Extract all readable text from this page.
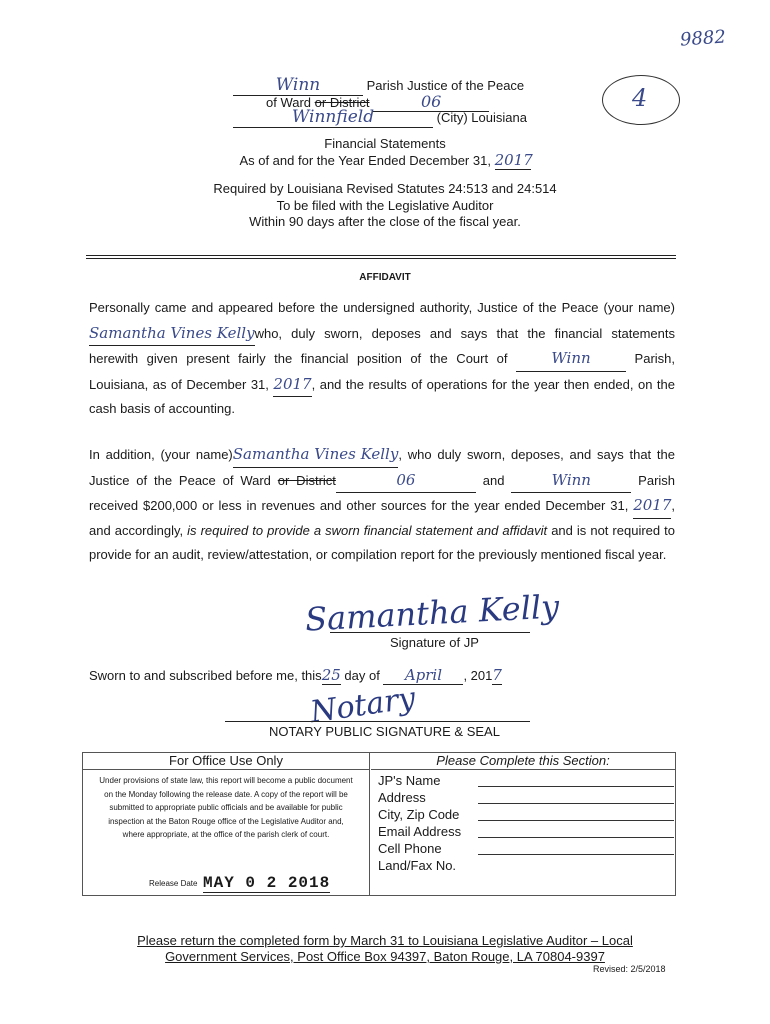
9882
4
Winn	Parish Justice of the Peace
of Ward or District	06
Winnfield	(City) Louisiana
Financial Statements
As of and for the Year Ended December 31, 2017
Required by Louisiana Revised Statutes 24:513 and 24:514
To be filed with the Legislative Auditor
Within 90 days after the close of the fiscal year.
AFFIDAVIT

Personally came and appeared before the undersigned authority, Justice of the Peace (your name)Samantha Vines Kellywho, duly sworn, deposes and says that the financial statements herewith given present fairly the financial position of the Court of Winn	Parish, Louisiana, as of December 31, 2017, and the results of operations for the year then ended, on the cash basis of accounting.

In addition, (your name)Samantha Vines Kelly, who duly sworn, deposes, and says that the Justice of the Peace of Ward or District	06	and	Winn	Parish received $200,000 or less in revenues and other sources for the year ended December 31, 2017, and accordingly, is required to provide a sworn financial statement and affidavit and is not required to provide for an audit, review/attestation, or compilation report for the previously mentioned fiscal year.

Samantha Kelly
Signature of JP
Sworn to and subscribed before me, this25 day of April , 2017
Notary
NOTARY PUBLIC SIGNATURE & SEAL
For Office Use Only
Under provisions of state law, this report will become a public document on the Monday following the release date. A copy of the report will be submitted to appropriate public officials and be available for public inspection at the Baton Rouge office of the Legislative Auditor and, where appropriate, at the office of the parish clerk of court.
Release Date MAY 0 2 2018
Please Complete this Section:
JP's Name
Address
City, Zip Code
Email Address
Cell Phone
Land/Fax No.
Please return the completed form by March 31 to Louisiana Legislative Auditor – Local
Government Services, Post Office Box 94397, Baton Rouge, LA 70804-9397
Revised: 2/5/2018
